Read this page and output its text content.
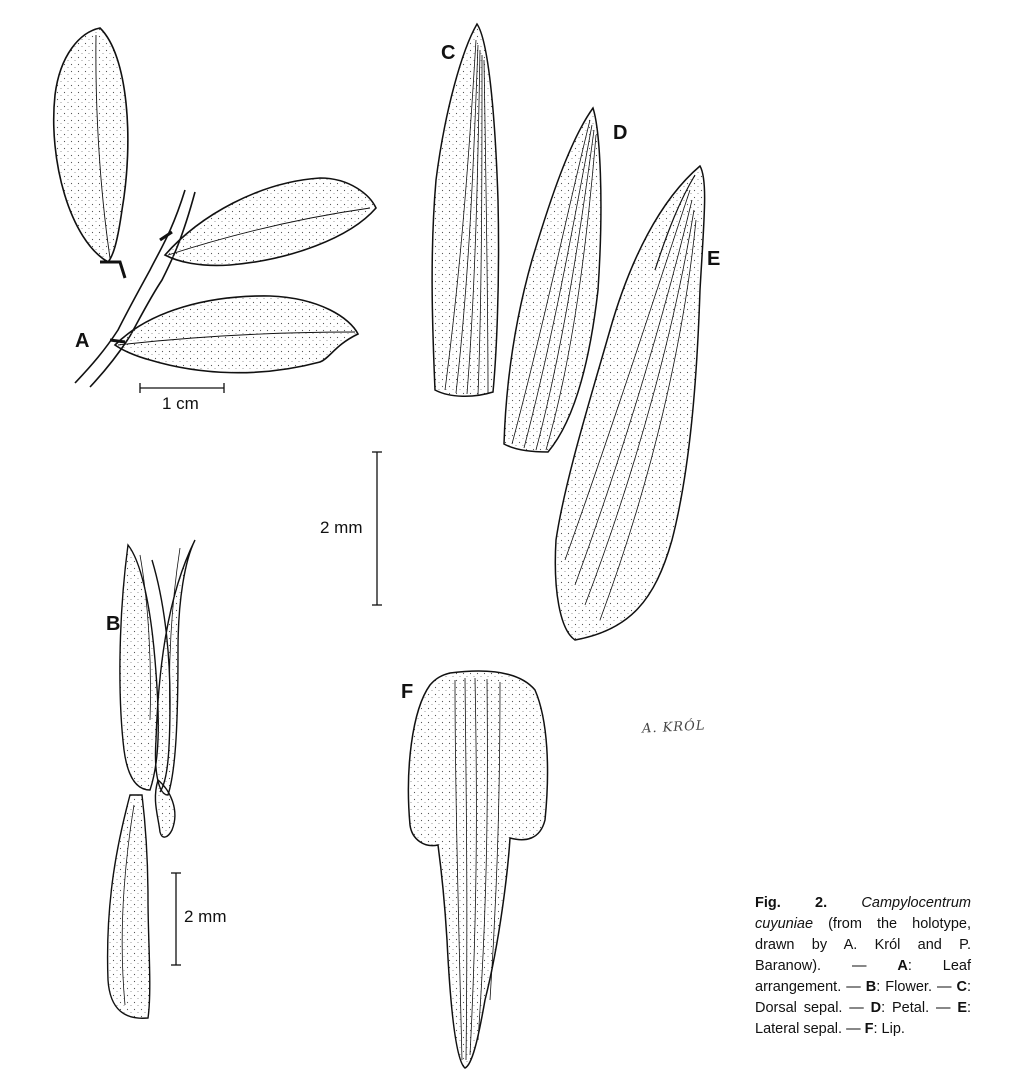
A
B
C
D
E
F
1 cm
2 mm
2 mm
A. KRÓL
Fig. 2. Campylocentrum cuyuniae (from the holotype, drawn by A. Król and P. Baranow). — A: Leaf arrangement. — B: Flower. — C: Dorsal sepal. — D: Petal. — E: Lateral sepal. — F: Lip.
